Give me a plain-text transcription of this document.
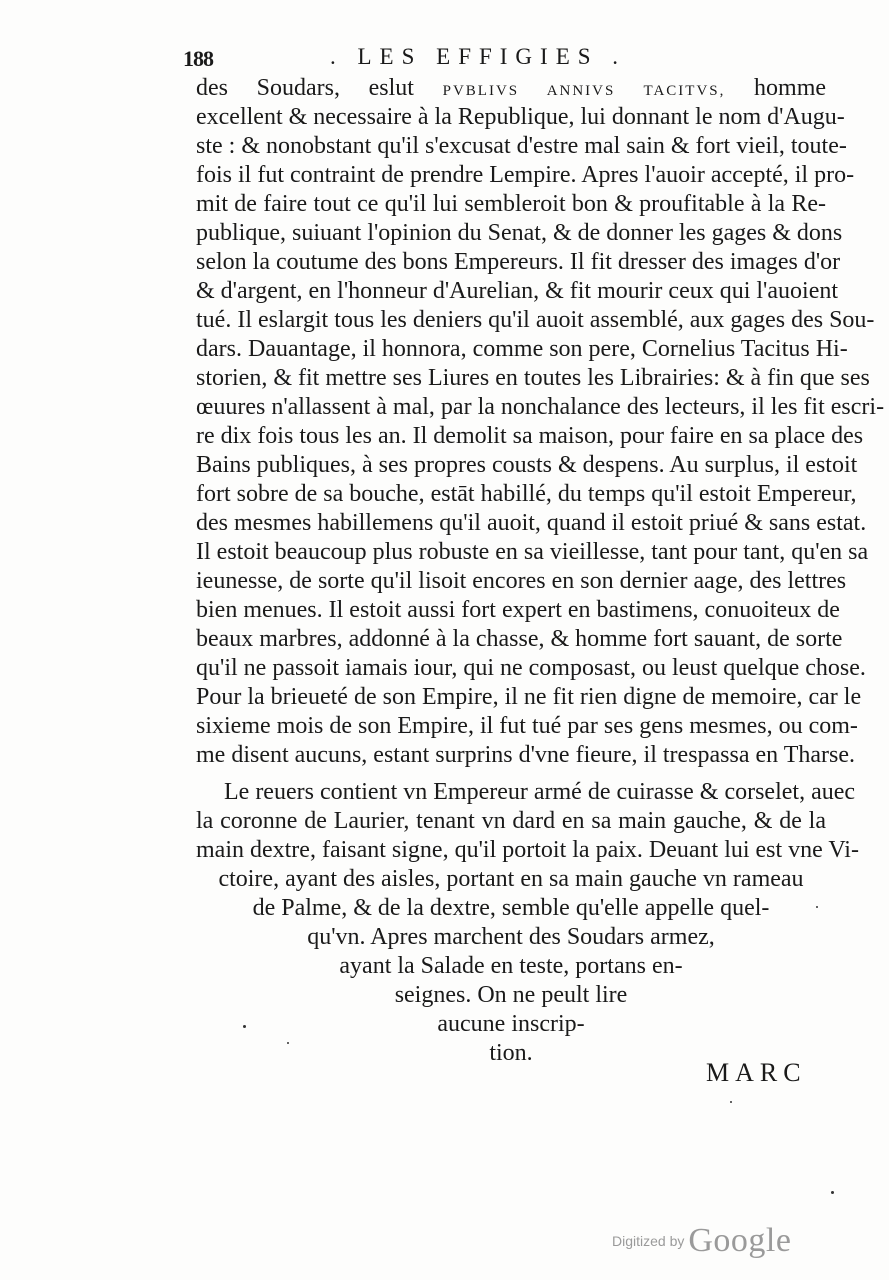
188	. LES EFFIGIES .
des Soudars, eslut PVBLIVS ANNIVS TACITVS, homme
excellent & necessaire à la Republique, lui donnant le nom d'Augu-
ste : & nonobstant qu'il s'excusat d'estre mal sain & fort vieil, toute-
fois il fut contraint de prendre Lempire. Apres l'auoir accepté, il pro-
mit de faire tout ce qu'il lui sembleroit bon & proufitable à la Re-
publique, suiuant l'opinion du Senat, & de donner les gages & dons
selon la coutume des bons Empereurs. Il fit dresser des images d'or
& d'argent, en l'honneur d'Aurelian, & fit mourir ceux qui l'auoient
tué. Il eslargit tous les deniers qu'il auoit assemblé, aux gages des Sou-
dars. Dauantage, il honnora, comme son pere, Cornelius Tacitus Hi-
storien, & fit mettre ses Liures en toutes les Librairies: & à fin que ses
œuures n'allassent à mal, par la nonchalance des lecteurs, il les fit escri-
re dix fois tous les an. Il demolit sa maison, pour faire en sa place des
Bains publiques, à ses propres cousts & despens. Au surplus, il estoit
fort sobre de sa bouche, estāt habillé, du temps qu'il estoit Empereur,
des mesmes habillemens qu'il auoit, quand il estoit priué & sans estat.
Il estoit beaucoup plus robuste en sa vieillesse, tant pour tant, qu'en sa
ieunesse, de sorte qu'il lisoit encores en son dernier aage, des lettres
bien menues. Il estoit aussi fort expert en bastimens, conuoiteux de
beaux marbres, addonné à la chasse, & homme fort sauant, de sorte
qu'il ne passoit iamais iour, qui ne composast, ou leust quelque chose.
Pour la brieueté de son Empire, il ne fit rien digne de memoire, car le
sixieme mois de son Empire, il fut tué par ses gens mesmes, ou com-
me disent aucuns, estant surprins d'vne fieure, il trespassa en Tharse.
Le reuers contient vn Empereur armé de cuirasse & corselet, auec
la coronne de Laurier, tenant vn dard en sa main gauche, & de la
main dextre, faisant signe, qu'il portoit la paix. Deuant lui est vne Vi-
ctoire, ayant des aisles, portant en sa main gauche vn rameau
de Palme, & de la dextre, semble qu'elle appelle quel-
qu'vn. Apres marchent des Soudars armez,
ayant la Salade en teste, portans en-
seignes. On ne peult lire
aucune inscrip-
tion.
MARC
Digitized by Google
